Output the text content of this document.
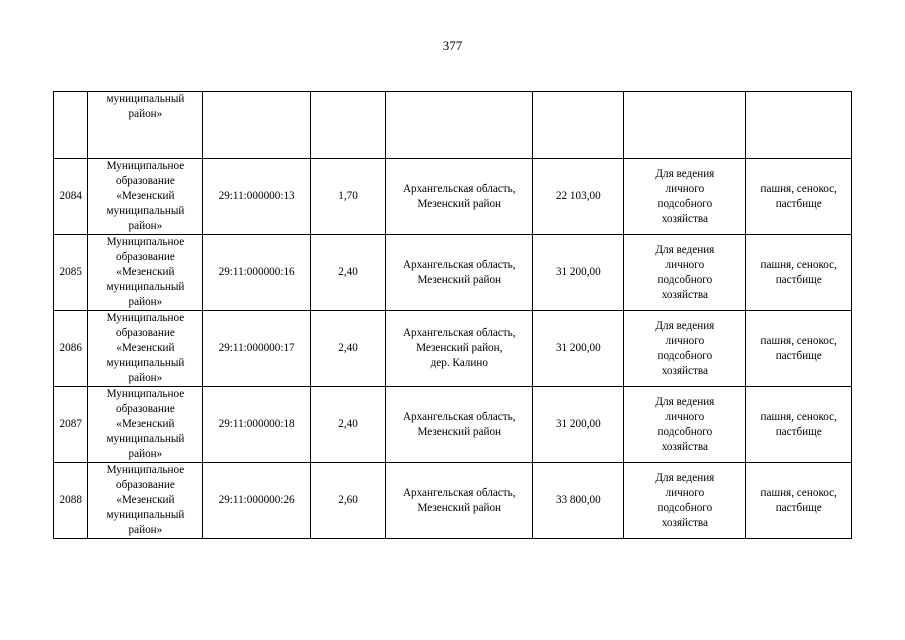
377

	муниципальный
район»						

2084	Муниципальное
образование
«Мезенский
муниципальный
район»	29:11:000000:13	1,70	Архангельская область,
Мезенский район	22 103,00	Для ведения
личного
подсобного
хозяйства	пашня, сенокос,
пастбище

2085	Муниципальное
образование
«Мезенский
муниципальный
район»	29:11:000000:16	2,40	Архангельская область,
Мезенский район	31 200,00	Для ведения
личного
подсобного
хозяйства	пашня, сенокос,
пастбище

2086	Муниципальное
образование
«Мезенский
муниципальный
район»	29:11:000000:17	2,40	Архангельская область,
Мезенский район,
дер. Калино	31 200,00	Для ведения
личного
подсобного
хозяйства	пашня, сенокос,
пастбище

2087	Муниципальное
образование
«Мезенский
муниципальный
район»	29:11:000000:18	2,40	Архангельская область,
Мезенский район	31 200,00	Для ведения
личного
подсобного
хозяйства	пашня, сенокос,
пастбище

2088	Муниципальное
образование
«Мезенский
муниципальный
район»	29:11:000000:26	2,60	Архангельская область,
Мезенский район	33 800,00	Для ведения
личного
подсобного
хозяйства	пашня, сенокос,
пастбище
